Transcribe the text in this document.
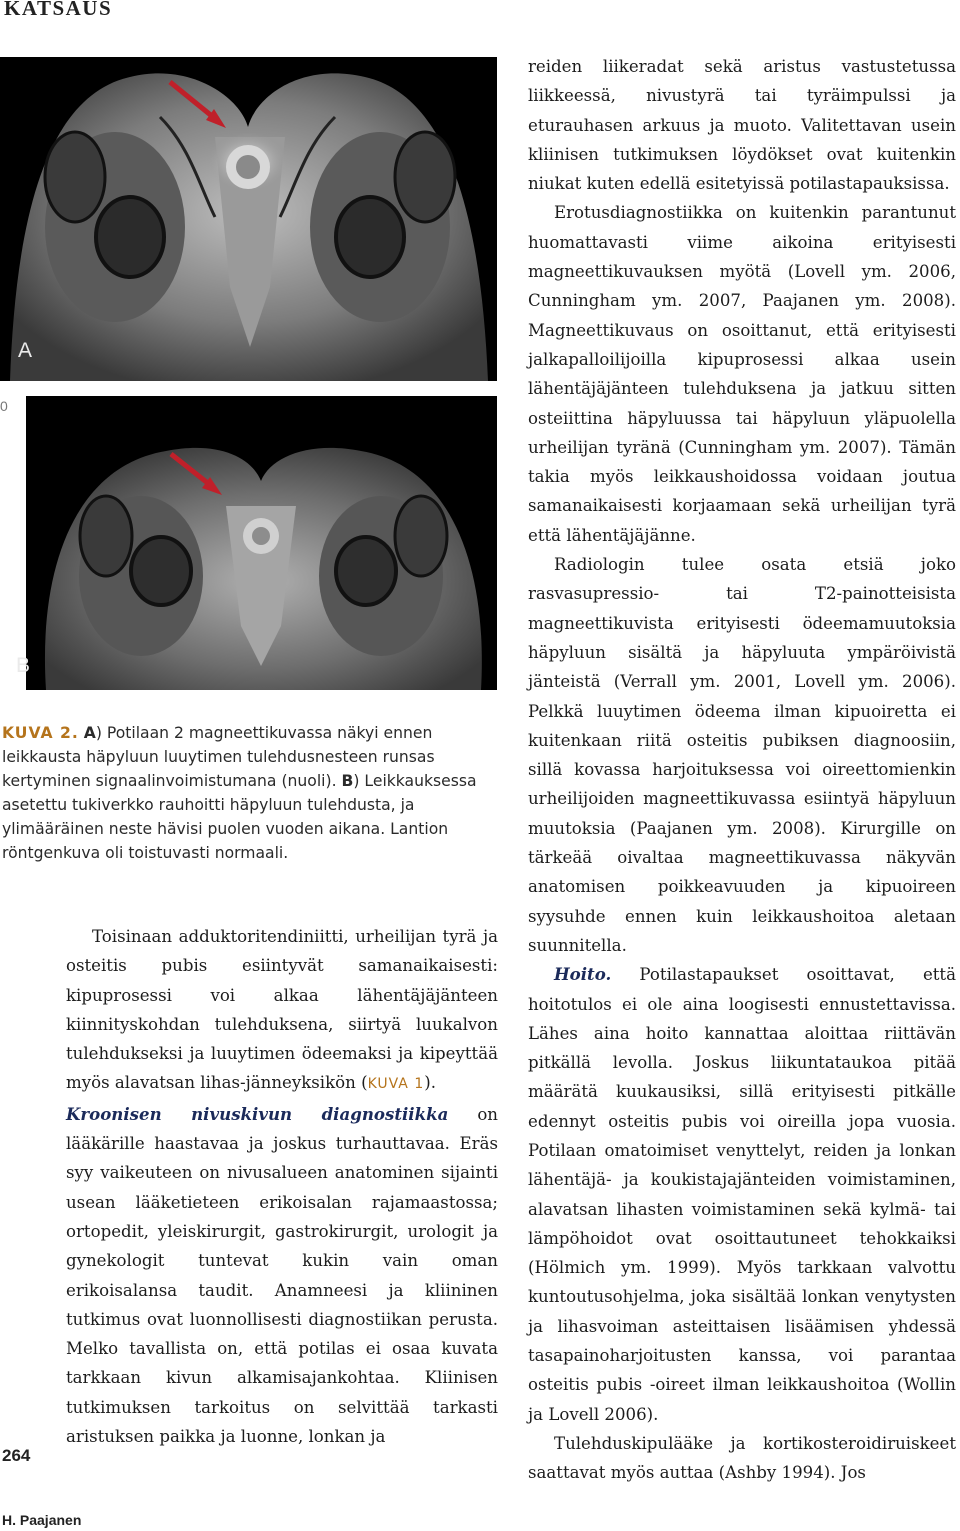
KATSAUS
A
0
B
KUVA 2. A) Potilaan 2 magneettikuvassa näkyi ennen leikkausta häpyluun luuytimen tulehdusnesteen runsas kertyminen signaalinvoimistumana (nuoli). B) Leikkauksessa asetettu tukiverkko rauhoitti häpyluun tulehdusta, ja ylimääräinen neste hävisi puolen vuoden aikana. Lantion röntgenkuva oli toistuvasti normaali.

Toisinaan adduktoritendiniitti, urheilijan tyrä ja osteitis pubis esiintyvät samanaikaisesti: kipuprosessi voi alkaa lähentäjäjänteen kiinnityskohdan tulehduksena, siirtyä luukalvon tulehdukseksi ja luuytimen ödeemaksi ja kipeyttää myös alavatsan lihas-jänneyksikön (KUVA 1).

Kroonisen nivuskivun diagnostiikka on lääkärille haastavaa ja joskus turhauttavaa. Eräs syy vaikeuteen on nivusalueen anatominen sijainti usean lääketieteen erikoisalan rajamaastossa; ortopedit, yleiskirurgit, gastrokirurgit, urologit ja gynekologit tuntevat kukin vain oman erikoisalansa taudit. Anamneesi ja kliininen tutkimus ovat luonnollisesti diagnostiikan perusta. Melko tavallista on, että potilas ei osaa kuvata tarkkaan kivun alkamisajankohtaa. Kliinisen tutkimuksen tarkoitus on selvittää tarkasti aristuksen paikka ja luonne, lonkan ja

reiden liikeradat sekä aristus vastustetussa liikkeessä, nivustyrä tai tyräimpulssi ja eturauhasen arkuus ja muoto. Valitettavan usein kliinisen tutkimuksen löydökset ovat kuitenkin niukat kuten edellä esitetyissä potilastapauksissa.

Erotusdiagnostiikka on kuitenkin parantunut huomattavasti viime aikoina erityisesti magneettikuvauksen myötä (Lovell ym. 2006, Cunningham ym. 2007, Paajanen ym. 2008). Magneettikuvaus on osoittanut, että erityisesti jalkapalloilijoilla kipuprosessi alkaa usein lähentäjäjänteen tulehduksena ja jatkuu sitten osteiittina häpyluussa tai häpyluun yläpuolella urheilijan tyränä (Cunningham ym. 2007). Tämän takia myös leikkaushoidossa voidaan joutua samanaikaisesti korjaamaan sekä urheilijan tyrä että lähentäjäjänne.

Radiologin tulee osata etsiä joko rasvasupressio- tai T2-painotteisista magneettikuvista erityisesti ödeemamuutoksia häpyluun sisältä ja häpyluuta ympäröivistä jänteistä (Verrall ym. 2001, Lovell ym. 2006). Pelkkä luuytimen ödeema ilman kipuoiretta ei kuitenkaan riitä osteitis pubiksen diagnoosiin, sillä kovassa harjoituksessa voi oireettomienkin urheilijoiden magneettikuvassa esiintyä häpyluun muutoksia (Paajanen ym. 2008). Kirurgille on tärkeää oivaltaa magneettikuvassa näkyvän anatomisen poikkeavuuden ja kipuoireen syysuhde ennen kuin leikkaushoitoa aletaan suunnitella.

Hoito. Potilastapaukset osoittavat, että hoitotulos ei ole aina loogisesti ennustettavissa. Lähes aina hoito kannattaa aloittaa riittävän pitkällä levolla. Joskus liikuntataukoa pitää määrätä kuukausiksi, sillä erityisesti pitkälle edennyt osteitis pubis voi oireilla jopa vuosia. Potilaan omatoimiset venyttelyt, reiden ja lonkan lähentäjä- ja koukistajajänteiden voimistaminen, alavatsan lihasten voimistaminen sekä kylmä- tai lämpöhoidot ovat osoittautuneet tehokkaiksi (Hölmich ym. 1999). Myös tarkkaan valvottu kuntoutusohjelma, joka sisältää lonkan venytysten ja lihasvoiman asteittaisen lisäämisen yhdessä tasapainoharjoitusten kanssa, voi parantaa osteitis pubis -oireet ilman leikkaushoitoa (Wollin ja Lovell 2006).

Tulehduskipulääke ja kortikosteroidiruiskeet saattavat myös auttaa (Ashby 1994). Jos

264
H. Paajanen
